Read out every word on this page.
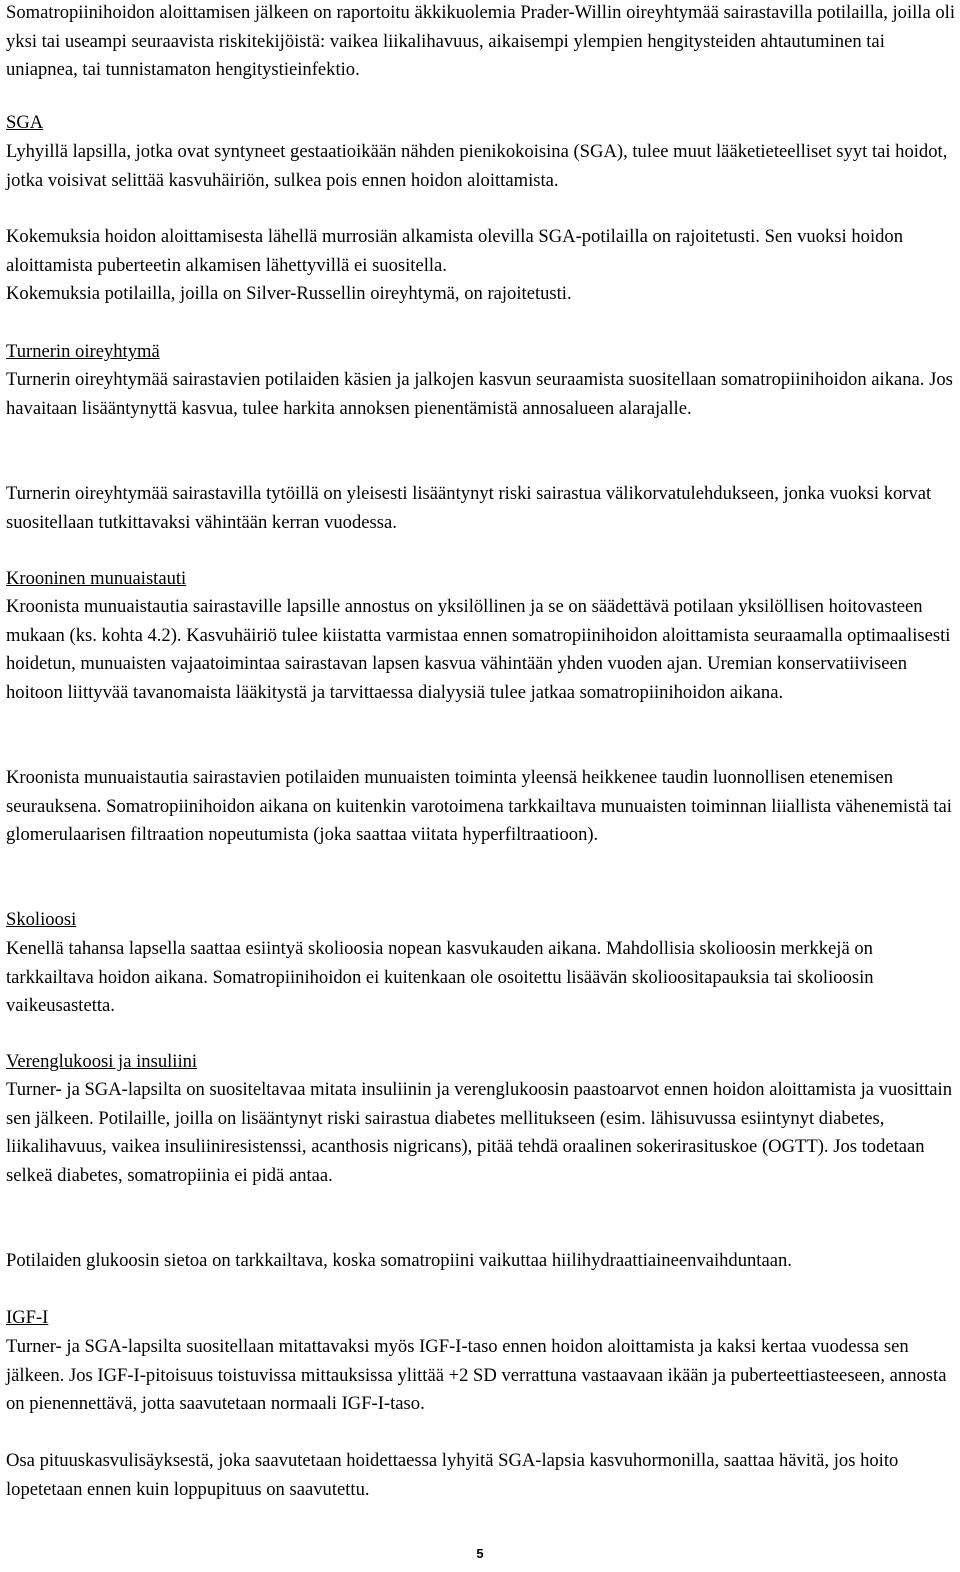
Somatropiinihoidon aloittamisen jälkeen on raportoitu äkkikuolemia Prader-Willin oireyhtymää sairastavilla potilailla, joilla oli yksi tai useampi seuraavista riskitekijöistä: vaikea liikalihavuus, aikaisempi ylempien hengitysteiden ahtautuminen tai uniapnea, tai tunnistamaton hengitystieinfektio.

SGA

Lyhyillä lapsilla, jotka ovat syntyneet gestaatioikään nähden pienikokoisina (SGA), tulee muut lääketieteelliset syyt tai hoidot, jotka voisivat selittää kasvuhäiriön, sulkea pois ennen hoidon aloittamista.

Kokemuksia hoidon aloittamisesta lähellä murrosiän alkamista olevilla SGA-potilailla on rajoitetusti. Sen vuoksi hoidon aloittamista puberteetin alkamisen lähettyvillä ei suositella.

Kokemuksia potilailla, joilla on Silver-Russellin oireyhtymä, on rajoitetusti.

Turnerin oireyhtymä

Turnerin oireyhtymää sairastavien potilaiden käsien ja jalkojen kasvun seuraamista suositellaan somatropiinihoidon aikana. Jos havaitaan lisääntynyttä kasvua, tulee harkita annoksen pienentämistä annosalueen alarajalle.

Turnerin oireyhtymää sairastavilla tytöillä on yleisesti lisääntynyt riski sairastua välikorvatulehdukseen, jonka vuoksi korvat suositellaan tutkittavaksi vähintään kerran vuodessa.

Krooninen munuaistauti

Kroonista munuaistautia sairastaville lapsille annostus on yksilöllinen ja se on säädettävä potilaan yksilöllisen hoitovasteen mukaan (ks. kohta 4.2). Kasvuhäiriö tulee kiistatta varmistaa ennen somatropiinihoidon aloittamista seuraamalla optimaalisesti hoidetun, munuaisten vajaatoimintaa sairastavan lapsen kasvua vähintään yhden vuoden ajan. Uremian konservatiiviseen hoitoon liittyvää tavanomaista lääkitystä ja tarvittaessa dialyysiä tulee jatkaa somatropiinihoidon aikana.

Kroonista munuaistautia sairastavien potilaiden munuaisten toiminta yleensä heikkenee taudin luonnollisen etenemisen seurauksena. Somatropiinihoidon aikana on kuitenkin varotoimena tarkkailtava munuaisten toiminnan liiallista vähenemistä tai glomerulaarisen filtraation nopeutumista (joka saattaa viitata hyperfiltraatioon).

Skolioosi

Kenellä tahansa lapsella saattaa esiintyä skolioosia nopean kasvukauden aikana. Mahdollisia skolioosin merkkejä on tarkkailtava hoidon aikana. Somatropiinihoidon ei kuitenkaan ole osoitettu lisäävän skolioositapauksia tai skolioosin vaikeusastetta.

Verenglukoosi ja insuliini

Turner- ja SGA-lapsilta on suositeltavaa mitata insuliinin ja verenglukoosin paastoarvot ennen hoidon aloittamista ja vuosittain sen jälkeen. Potilaille, joilla on lisääntynyt riski sairastua diabetes mellitukseen (esim. lähisuvussa esiintynyt diabetes, liikalihavuus, vaikea insuliiniresistenssi, acanthosis nigricans), pitää tehdä oraalinen sokerirasituskoe (OGTT). Jos todetaan selkeä diabetes, somatropiinia ei pidä antaa.

Potilaiden glukoosin sietoa on tarkkailtava, koska somatropiini vaikuttaa hiilihydraattiaineenvaihduntaan.

IGF-I

Turner- ja SGA-lapsilta suositellaan mitattavaksi myös IGF-I-taso ennen hoidon aloittamista ja kaksi kertaa vuodessa sen jälkeen. Jos IGF-I-pitoisuus toistuvissa mittauksissa ylittää +2 SD verrattuna vastaavaan ikään ja puberteettiasteeseen, annosta on pienennettävä, jotta saavutetaan normaali IGF-I-taso.

Osa pituuskasvulisäyksestä, joka saavutetaan hoidettaessa lyhyitä SGA-lapsia kasvuhormonilla, saattaa hävitä, jos hoito lopetetaan ennen kuin loppupituus on saavutettu.

5
